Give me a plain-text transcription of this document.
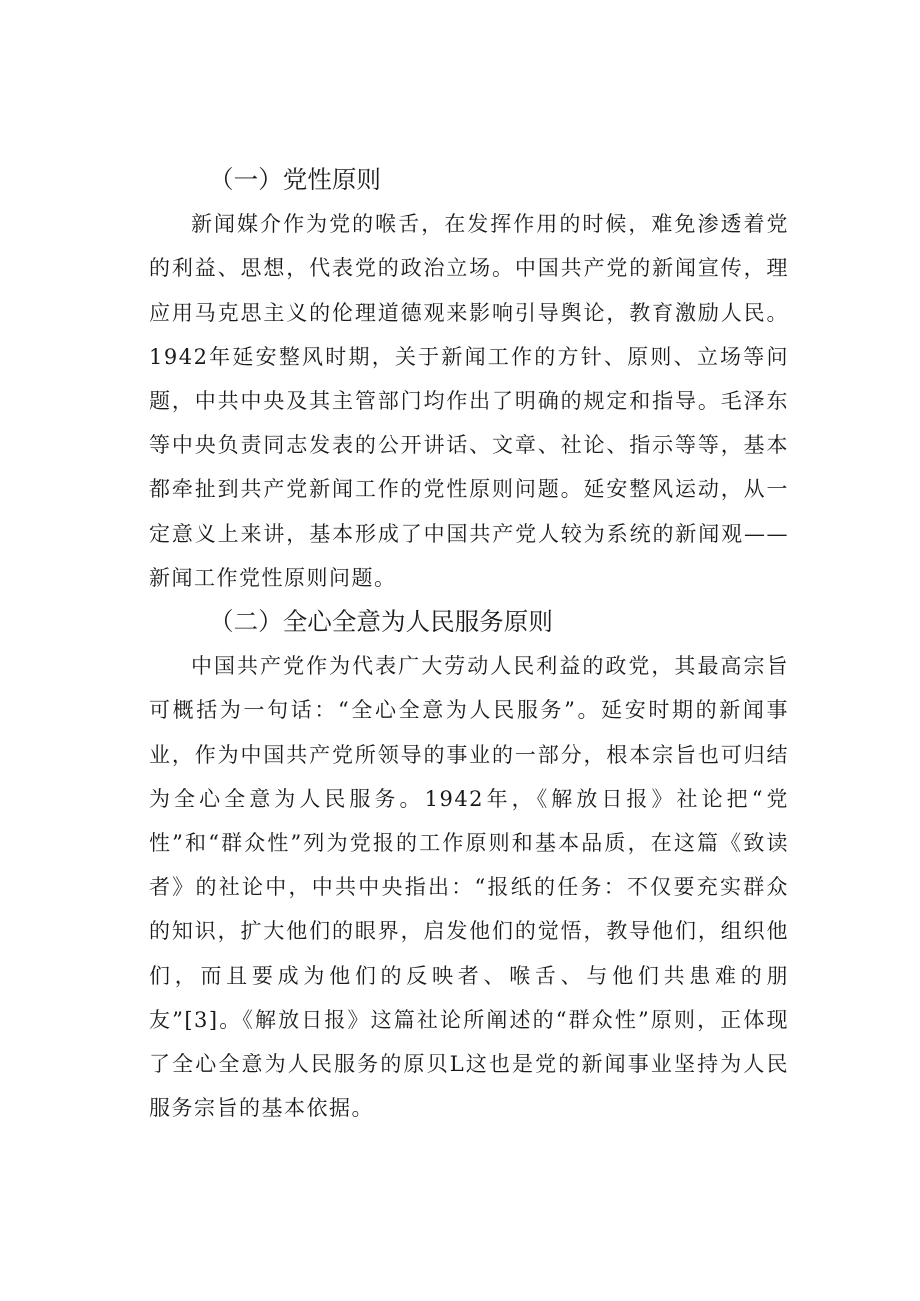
（一）党性原则

新闻媒介作为党的喉舌，在发挥作用的时候，难免渗透着党的利益、思想，代表党的政治立场。中国共产党的新闻宣传，理应用马克思主义的伦理道德观来影响引导舆论，教育激励人民。1942年延安整风时期，关于新闻工作的方针、原则、立场等问题，中共中央及其主管部门均作出了明确的规定和指导。毛泽东等中央负责同志发表的公开讲话、文章、社论、指示等等，基本都牵扯到共产党新闻工作的党性原则问题。延安整风运动，从一定意义上来讲，基本形成了中国共产党人较为系统的新闻观——新闻工作党性原则问题。

（二）全心全意为人民服务原则

中国共产党作为代表广大劳动人民利益的政党，其最高宗旨可概括为一句话：“全心全意为人民服务”。延安时期的新闻事业，作为中国共产党所领导的事业的一部分，根本宗旨也可归结为全心全意为人民服务。1942年，《解放日报》社论把“党性”和“群众性”列为党报的工作原则和基本品质，在这篇《致读者》的社论中，中共中央指出：“报纸的任务：不仅要充实群众的知识，扩大他们的眼界，启发他们的觉悟，教导他们，组织他们，而且要成为他们的反映者、喉舌、与他们共患难的朋友”[3]。《解放日报》这篇社论所阐述的“群众性”原则，正体现了全心全意为人民服务的原贝L这也是党的新闻事业坚持为人民服务宗旨的基本依据。
